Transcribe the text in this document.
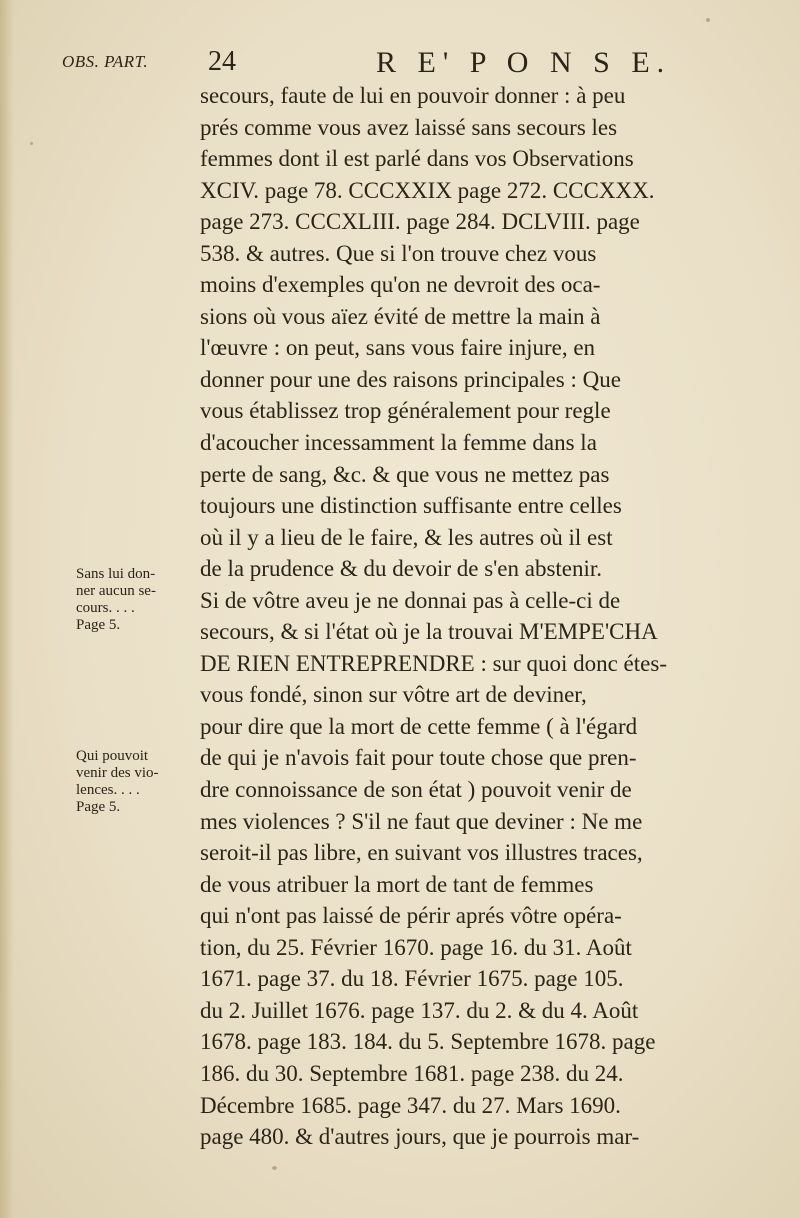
OBS. PART. 24	R E' P O N S E.
secours, faute de lui en pouvoir donner : à peu
prés comme vous avez laissé sans secours les
femmes dont il est parlé dans vos Observations
XCIV. page 78. CCCXXIX page 272. CCCXXX.
page 273. CCCXLIII. page 284. DCLVIII. page
538. & autres. Que si l'on trouve chez vous
moins d'exemples qu'on ne devroit des oca-
sions où vous aïez évité de mettre la main à
l'œuvre : on peut, sans vous faire injure, en
donner pour une des raisons principales : Que
vous établissez trop généralement pour regle
d'acoucher incessamment la femme dans la
perte de sang, &c. & que vous ne mettez pas
toujours une distinction suffisante entre celles
où il y a lieu de le faire, & les autres où il est
de la prudence & du devoir de s'en abstenir.
Si de vôtre aveu je ne donnai pas à celle-ci de
secours, & si l'état où je la trouvai M'EMPE'CHA
DE RIEN ENTREPRENDRE : sur quoi donc étes-
vous fondé, sinon sur vôtre art de deviner,
pour dire que la mort de cette femme ( à l'égard
de qui je n'avois fait pour toute chose que pren-
dre connoissance de son état ) pouvoit venir de
mes violences ? S'il ne faut que deviner : Ne me
seroit-il pas libre, en suivant vos illustres traces,
de vous atribuer la mort de tant de femmes
qui n'ont pas laissé de périr aprés vôtre opéra-
tion, du 25. Février 1670. page 16. du 31. Août
1671. page 37. du 18. Février 1675. page 105.
du 2. Juillet 1676. page 137. du 2. & du 4. Août
1678. page 183. 184. du 5. Septembre 1678. page
186. du 30. Septembre 1681. page 238. du 24.
Décembre 1685. page 347. du 27. Mars 1690.
page 480. & d'autres jours, que je pourrois mar-
Sans lui don-
ner aucun se-
cours. . . .
Page 5.
Qui pouvoit
venir des vio-
lences. . . .
Page 5.
